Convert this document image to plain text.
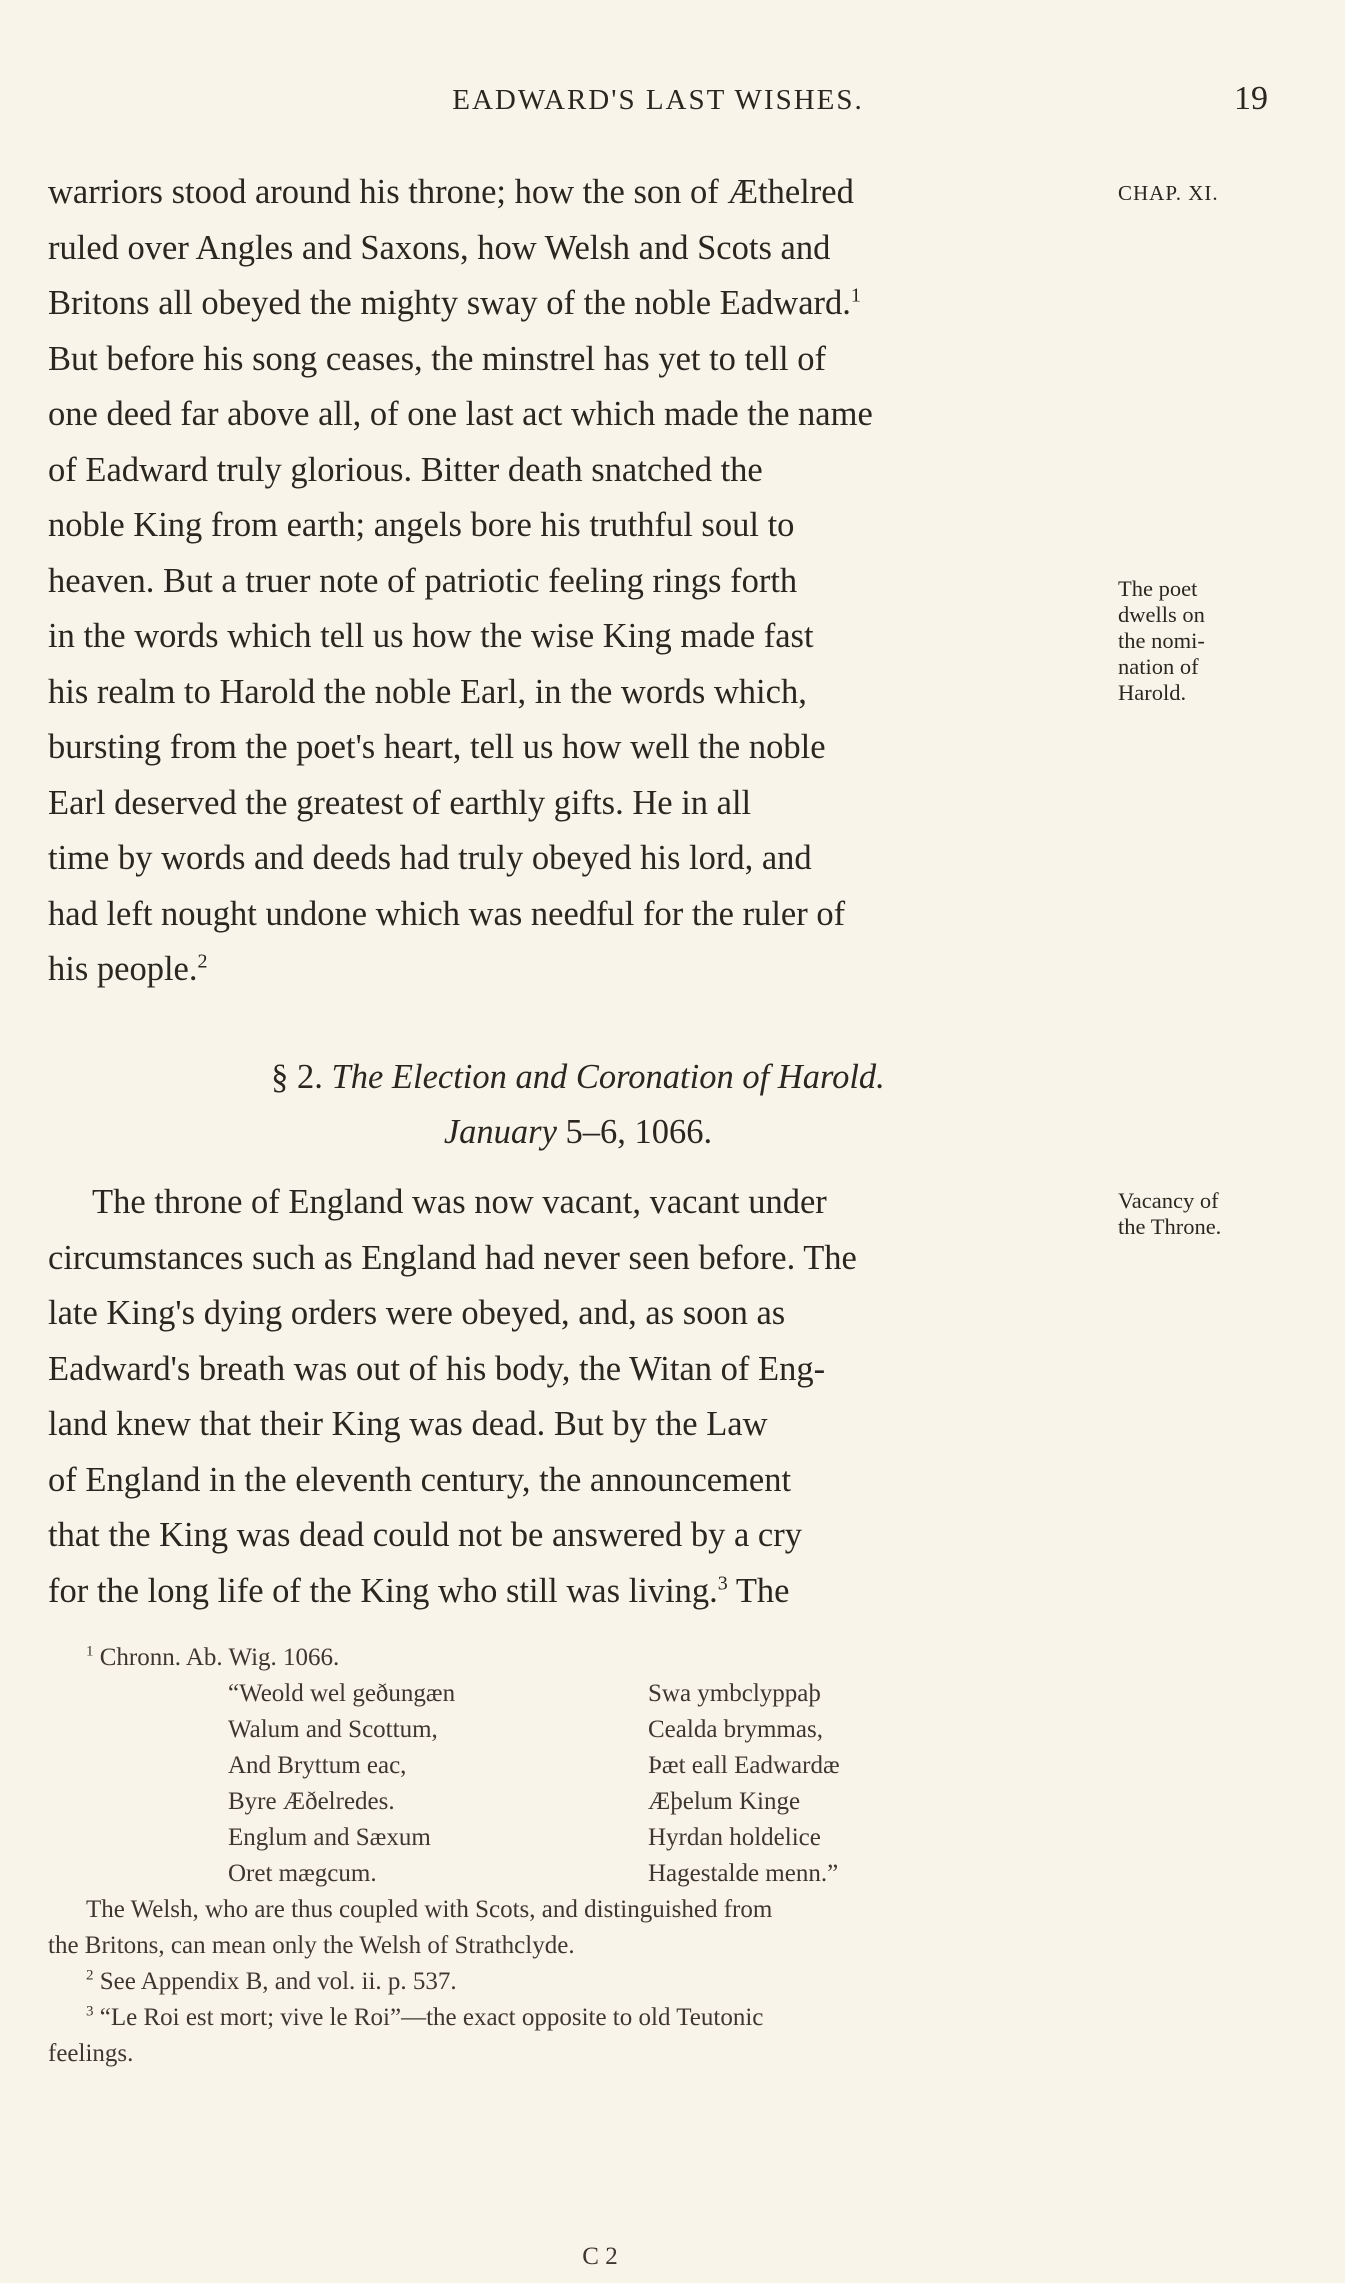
EADWARD'S LAST WISHES.	19
warriors stood around his throne; how the son of Æthelred
ruled over Angles and Saxons, how Welsh and Scots and
Britons all obeyed the mighty sway of the noble Eadward.$^1$
But before his song ceases, the minstrel has yet to tell of
one deed far above all, of one last act which made the name
of Eadward truly glorious. Bitter death snatched the
noble King from earth; angels bore his truthful soul to
heaven. But a truer note of patriotic feeling rings forth
in the words which tell us how the wise King made fast
his realm to Harold the noble Earl, in the words which,
bursting from the poet's heart, tell us how well the noble
Earl deserved the greatest of earthly gifts. He in all
time by words and deeds had truly obeyed his lord, and
had left nought undone which was needful for the ruler of
his people.$^2$
CHAP. XI.
The poet
dwells on
the nomi-
nation of
Harold.
Vacancy of
the Throne.
§ 2. The Election and Coronation of Harold.
January 5–6, 1066.
The throne of England was now vacant, vacant under
circumstances such as England had never seen before. The
late King's dying orders were obeyed, and, as soon as
Eadward's breath was out of his body, the Witan of Eng-
land knew that their King was dead. But by the Law
of England in the eleventh century, the announcement
that the King was dead could not be answered by a cry
for the long life of the King who still was living.$^3$ The
$^1$ Chronn. Ab. Wig. 1066.
“Weold wel geðungæn
Walum and Scottum,
And Bryttum eac,
Byre Æðelredes.
Englum and Sæxum
Oret mægcum.
Swa ymbclyppaþ
Cealda brymmas,
Þæt eall Eadwardæ
Æþelum Kinge
Hyrdan holdelice
Hagestalde menn.”
The Welsh, who are thus coupled with Scots, and distinguished from
the Britons, can mean only the Welsh of Strathclyde.
$^2$ See Appendix B, and vol. ii. p. 537.
$^3$ “Le Roi est mort; vive le Roi”—the exact opposite to old Teutonic
feelings.
C 2
